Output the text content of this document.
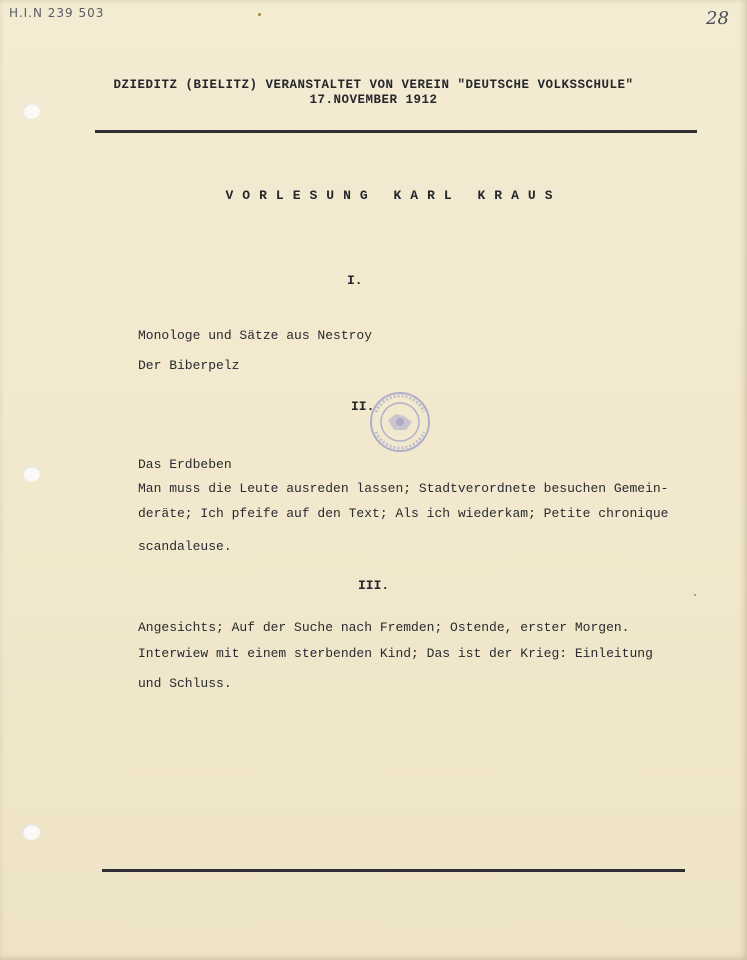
H.I.N 239 503	28
DZIEDITZ (BIELITZ) VERANSTALTET VON VEREIN "DEUTSCHE VOLKSSCHULE"
17.NOVEMBER 1912
VORLESUNG KARL KRAUS
I.
Monologe und Sätze aus Nestroy
Der Biberpelz
II.
Das Erdbeben
Man muss die Leute ausreden lassen; Stadtverordnete besuchen Gemein-
deräte; Ich pfeife auf den Text; Als ich wiederkam; Petite chronique
scandaleuse.
III.
Angesichts; Auf der Suche nach Fremden; Ostende, erster Morgen.
Interwiew mit einem sterbenden Kind; Das ist der Krieg: Einleitung
und Schluss.
